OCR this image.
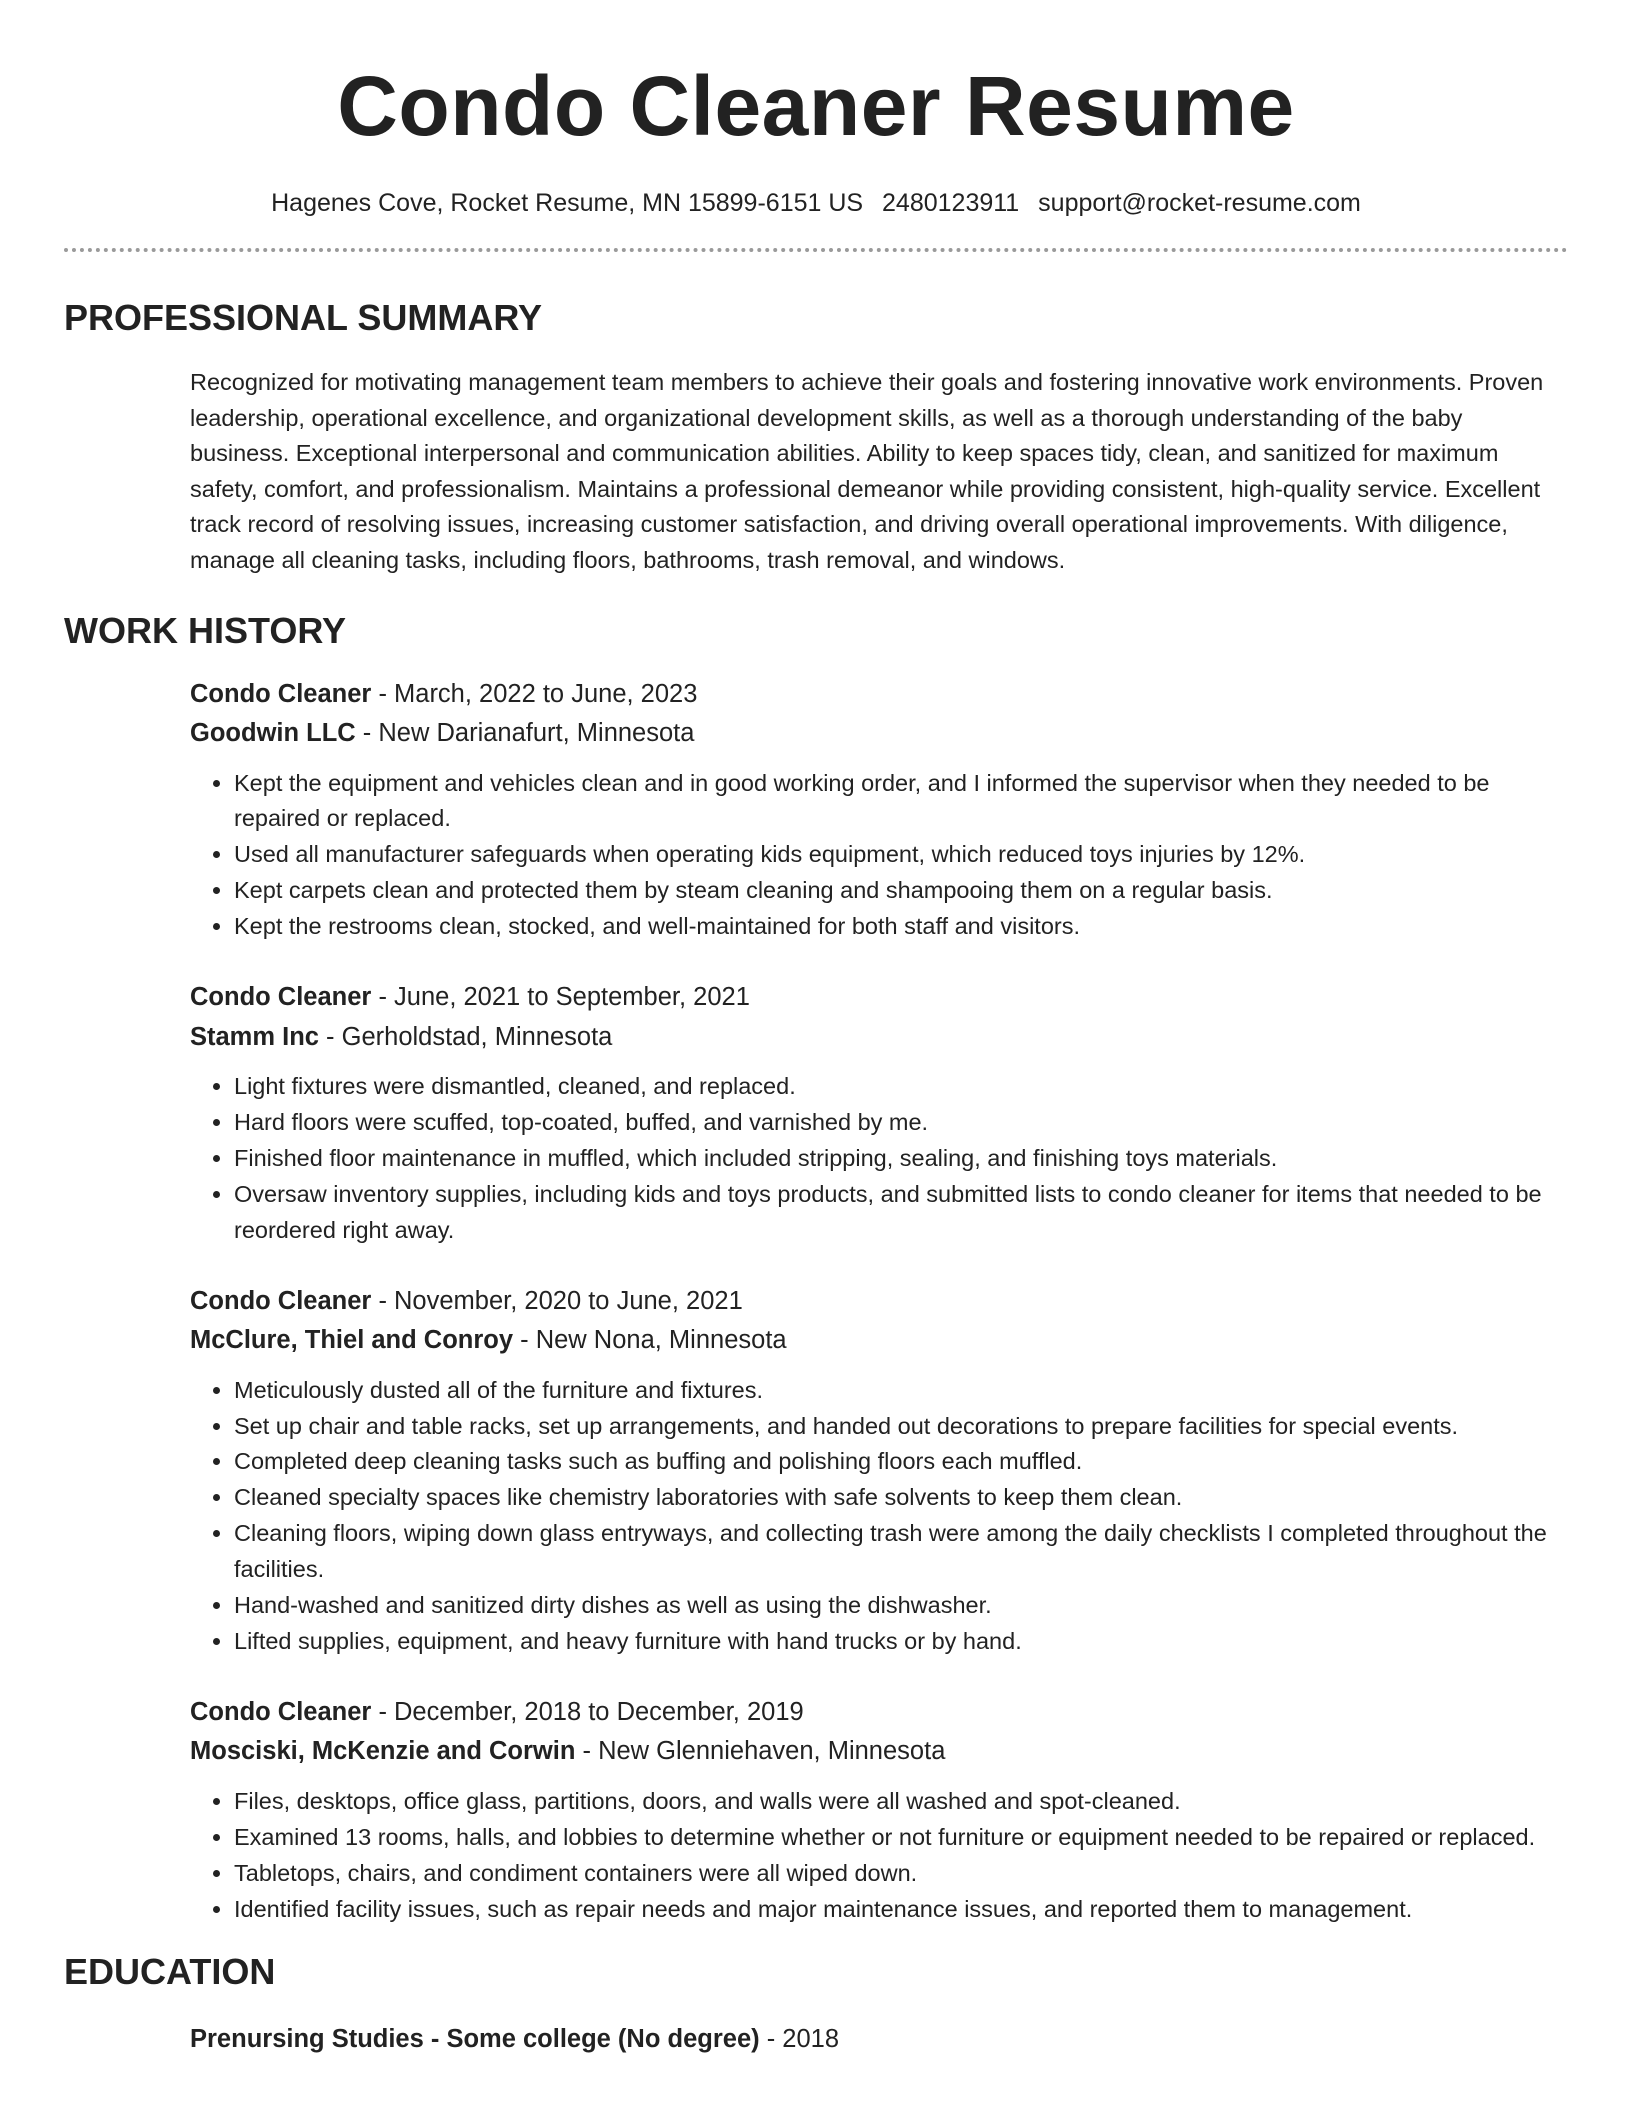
Condo Cleaner Resume
Hagenes Cove, Rocket Resume, MN 15899-6151 US 2480123911 support@rocket-resume.com
PROFESSIONAL SUMMARY

Recognized for motivating management team members to achieve their goals and fostering innovative work environments. Proven leadership, operational excellence, and organizational development skills, as well as a thorough understanding of the baby business. Exceptional interpersonal and communication abilities. Ability to keep spaces tidy, clean, and sanitized for maximum safety, comfort, and professionalism. Maintains a professional demeanor while providing consistent, high-quality service. Excellent track record of resolving issues, increasing customer satisfaction, and driving overall operational improvements. With diligence, manage all cleaning tasks, including floors, bathrooms, trash removal, and windows.

WORK HISTORY
Condo Cleaner - March, 2022 to June, 2023
Goodwin LLC - New Darianafurt, Minnesota
• Kept the equipment and vehicles clean and in good working order, and I informed the supervisor when they needed to be repaired or replaced.
• Used all manufacturer safeguards when operating kids equipment, which reduced toys injuries by 12%.
• Kept carpets clean and protected them by steam cleaning and shampooing them on a regular basis.
• Kept the restrooms clean, stocked, and well-maintained for both staff and visitors.
Condo Cleaner - June, 2021 to September, 2021
Stamm Inc - Gerholdstad, Minnesota
• Light fixtures were dismantled, cleaned, and replaced.
• Hard floors were scuffed, top-coated, buffed, and varnished by me.
• Finished floor maintenance in muffled, which included stripping, sealing, and finishing toys materials.
• Oversaw inventory supplies, including kids and toys products, and submitted lists to condo cleaner for items that needed to be reordered right away.
Condo Cleaner - November, 2020 to June, 2021
McClure, Thiel and Conroy - New Nona, Minnesota
• Meticulously dusted all of the furniture and fixtures.
• Set up chair and table racks, set up arrangements, and handed out decorations to prepare facilities for special events.
• Completed deep cleaning tasks such as buffing and polishing floors each muffled.
• Cleaned specialty spaces like chemistry laboratories with safe solvents to keep them clean.
• Cleaning floors, wiping down glass entryways, and collecting trash were among the daily checklists I completed throughout the facilities.
• Hand-washed and sanitized dirty dishes as well as using the dishwasher.
• Lifted supplies, equipment, and heavy furniture with hand trucks or by hand.
Condo Cleaner - December, 2018 to December, 2019
Mosciski, McKenzie and Corwin - New Glenniehaven, Minnesota
• Files, desktops, office glass, partitions, doors, and walls were all washed and spot-cleaned.
• Examined 13 rooms, halls, and lobbies to determine whether or not furniture or equipment needed to be repaired or replaced.
• Tabletops, chairs, and condiment containers were all wiped down.
• Identified facility issues, such as repair needs and major maintenance issues, and reported them to management.
EDUCATION
Prenursing Studies - Some college (No degree) - 2018
